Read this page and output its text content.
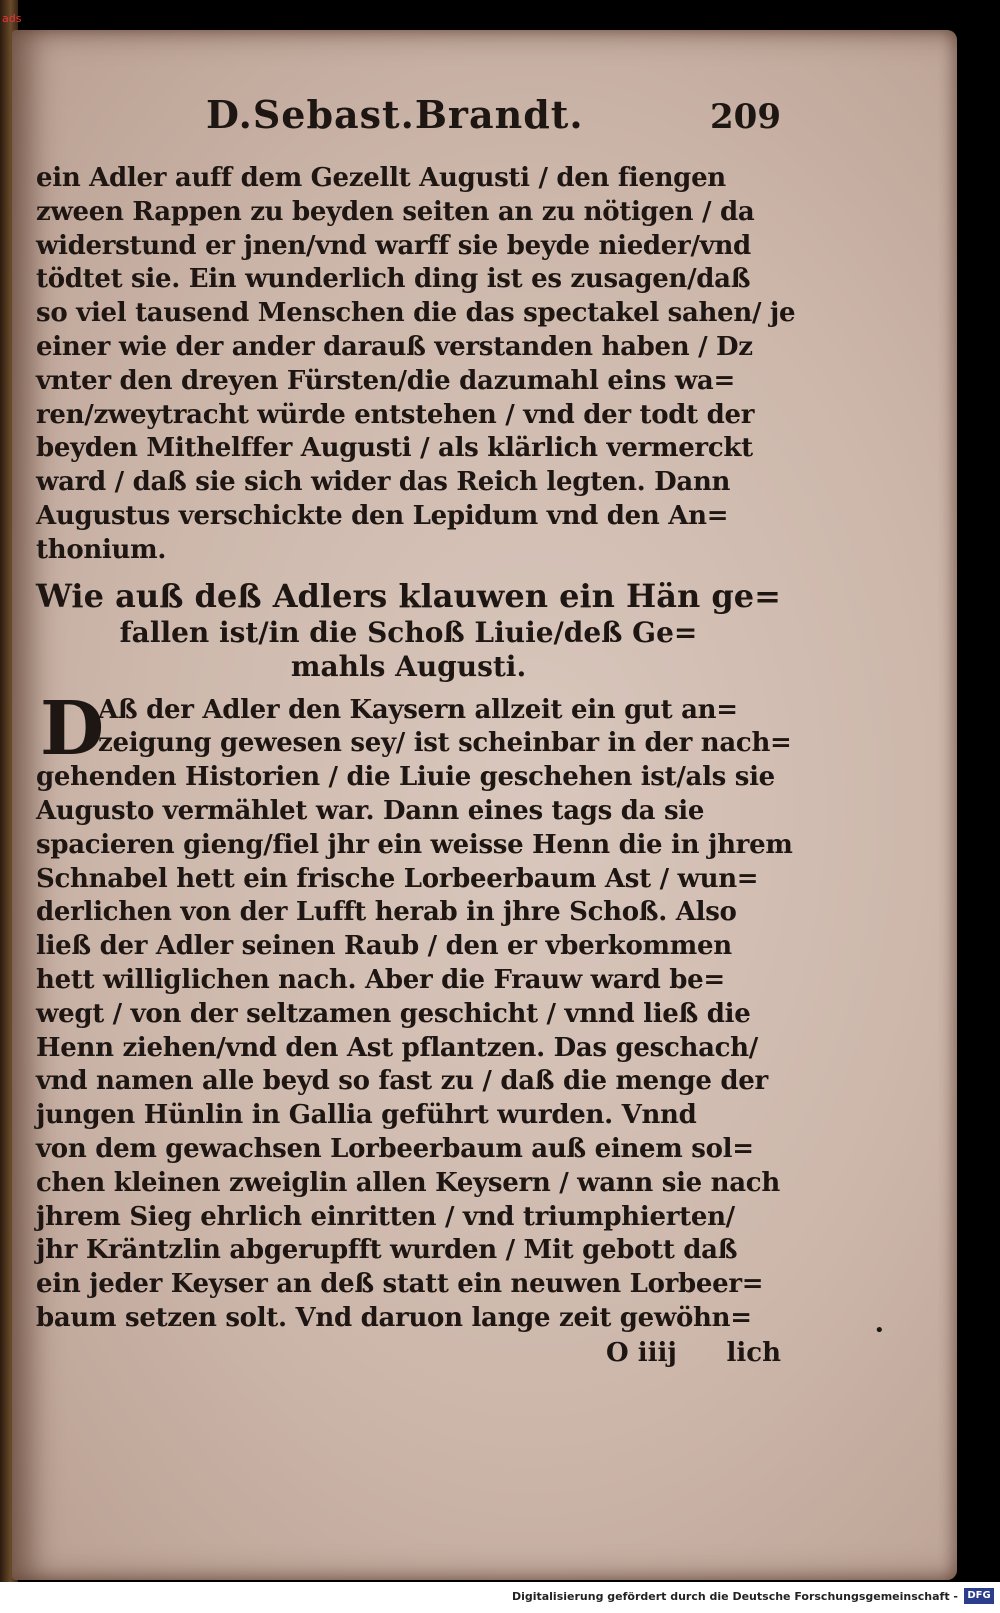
ads
D.Sebast.Brandt.	209
ein Adler auff dem Gezellt Augusti / den fiengen
zween Rappen zu beyden seiten an zu nötigen / da
widerstund er jnen/vnd warff sie beyde nieder/vnd
tödtet sie. Ein wunderlich ding ist es zusagen/daß
so viel tausend Menschen die das spectakel sahen/ je
einer wie der ander darauß verstanden haben / Dz
vnter den dreyen Fürsten/die dazumahl eins wa=
ren/zweytracht würde entstehen / vnd der todt der
beyden Mithelffer Augusti / als klärlich vermerckt
ward / daß sie sich wider das Reich legten. Dann
Augustus verschickte den Lepidum vnd den An=
thonium.
Wie auß deß Adlers klauwen ein Hän ge=
fallen ist/in die Schoß Liuie/deß Ge=
mahls Augusti.
D
Aß der Adler den Kaysern allzeit ein gut an=
zeigung gewesen sey/ ist scheinbar in der nach=
gehenden Historien / die Liuie geschehen ist/als sie
Augusto vermählet war. Dann eines tags da sie
spacieren gieng/fiel jhr ein weisse Henn die in jhrem
Schnabel hett ein frische Lorbeerbaum Ast / wun=
derlichen von der Lufft herab in jhre Schoß. Also
ließ der Adler seinen Raub / den er vberkommen
hett williglichen nach. Aber die Frauw ward be=
wegt / von der seltzamen geschicht / vnnd ließ die
Henn ziehen/vnd den Ast pflantzen. Das geschach/
vnd namen alle beyd so fast zu / daß die menge der
jungen Hünlin in Gallia geführt wurden. Vnnd
von dem gewachsen Lorbeerbaum auß einem sol=
chen kleinen zweiglin allen Keysern / wann sie nach
jhrem Sieg ehrlich einritten / vnd triumphierten/
jhr Kräntzlin abgerupfft wurden / Mit gebott daß
ein jeder Keyser an deß statt ein neuwen Lorbeer=
baum setzen solt. Vnd daruon lange zeit gewöhn=
O iiij	lich
•
Digitalisierung gefördert durch die Deutsche Forschungsgemeinschaft - DFG
